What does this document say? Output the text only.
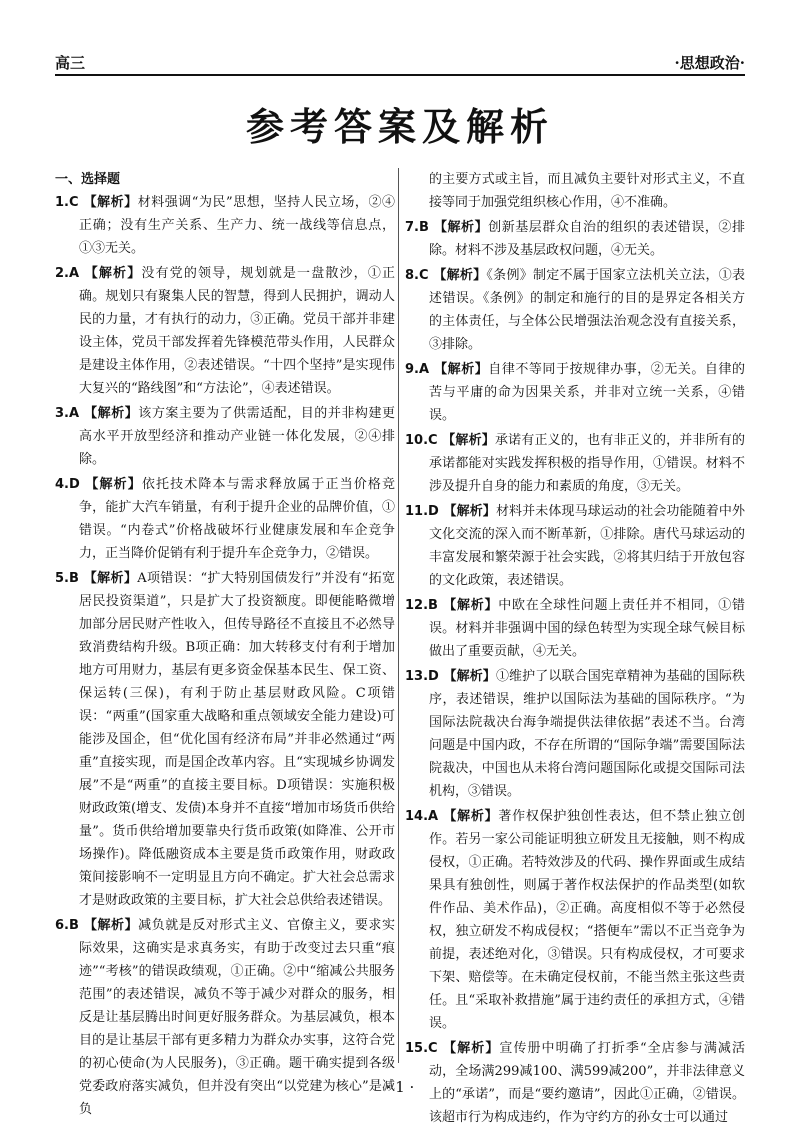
高三	·思想政治·
参考答案及解析
一、选择题
1.C 【解析】材料强调“为民”思想，坚持人民立场，②④正确；没有生产关系、生产力、统一战线等信息点，①③无关。
2.A 【解析】没有党的领导，规划就是一盘散沙，①正确。规划只有聚集人民的智慧，得到人民拥护，调动人民的力量，才有执行的动力，③正确。党员干部并非建设主体，党员干部发挥着先锋模范带头作用，人民群众是建设主体作用，②表述错误。“十四个坚持”是实现伟大复兴的“路线图”和“方法论”，④表述错误。
3.A 【解析】该方案主要为了供需适配，目的并非构建更高水平开放型经济和推动产业链一体化发展，②④排除。
4.D 【解析】依托技术降本与需求释放属于正当价格竞争，能扩大汽车销量，有利于提升企业的品牌价值，①错误。“内卷式”价格战破坏行业健康发展和车企竞争力，正当降价促销有利于提升车企竞争力，②错误。
5.B 【解析】A项错误：“扩大特别国债发行”并没有“拓宽居民投资渠道”，只是扩大了投资额度。即便能略微增加部分居民财产性收入，但传导路径不直接且不必然导致消费结构升级。B项正确：加大转移支付有利于增加地方可用财力，基层有更多资金保基本民生、保工资、保运转(三保)，有利于防止基层财政风险。C项错误：“两重”(国家重大战略和重点领域安全能力建设)可能涉及国企，但“优化国有经济布局”并非必然通过“两重”直接实现，而是国企改革内容。且“实现城乡协调发展”不是“两重”的直接主要目标。D项错误：实施积极财政政策(增支、发债)本身并不直接“增加市场货币供给量”。货币供给增加要靠央行货币政策(如降准、公开市场操作)。降低融资成本主要是货币政策作用，财政政策间接影响不一定明显且方向不确定。扩大社会总需求才是财政政策的主要目标，扩大社会总供给表述错误。
6.B 【解析】减负就是反对形式主义、官僚主义，要求实际效果，这确实是求真务实，有助于改变过去只重“痕迹”“考核”的错误政绩观，①正确。②中“缩减公共服务范围”的表述错误，减负不等于减少对群众的服务，相反是让基层腾出时间更好服务群众。为基层减负，根本目的是让基层干部有更多精力为群众办实事，这符合党的初心使命(为人民服务)，③正确。题干确实提到各级党委政府落实减负，但并没有突出“以党建为核心”是减负
的主要方式或主旨，而且减负主要针对形式主义，不直接等同于加强党组织核心作用，④不准确。
7.B 【解析】创新基层群众自治的组织的表述错误，②排除。材料不涉及基层政权问题，④无关。
8.C 【解析】《条例》制定不属于国家立法机关立法，①表述错误。《条例》的制定和施行的目的是界定各相关方的主体责任，与全体公民增强法治观念没有直接关系，③排除。
9.A 【解析】自律不等同于按规律办事，②无关。自律的苦与平庸的命为因果关系，并非对立统一关系，④错误。
10.C 【解析】承诺有正义的，也有非正义的，并非所有的承诺都能对实践发挥积极的指导作用，①错误。材料不涉及提升自身的能力和素质的角度，③无关。
11.D 【解析】材料并未体现马球运动的社会功能随着中外文化交流的深入而不断革新，①排除。唐代马球运动的丰富发展和繁荣源于社会实践，②将其归结于开放包容的文化政策，表述错误。
12.B 【解析】中欧在全球性问题上责任并不相同，①错误。材料并非强调中国的绿色转型为实现全球气候目标做出了重要贡献，④无关。
13.D 【解析】①维护了以联合国宪章精神为基础的国际秩序，表述错误，维护以国际法为基础的国际秩序。“为国际法院裁决台海争端提供法律依据”表述不当。台湾问题是中国内政，不存在所谓的“国际争端”需要国际法院裁决，中国也从未将台湾问题国际化或提交国际司法机构，③错误。
14.A 【解析】著作权保护独创性表达，但不禁止独立创作。若另一家公司能证明独立研发且无接触，则不构成侵权，①正确。若特效涉及的代码、操作界面或生成结果具有独创性，则属于著作权法保护的作品类型(如软件作品、美术作品)，②正确。高度相似不等于必然侵权，独立研发不构成侵权；“搭便车”需以不正当竞争为前提，表述绝对化，③错误。只有构成侵权，才可要求下架、赔偿等。在未确定侵权前，不能当然主张这些责任。且“采取补救措施”属于违约责任的承担方式，④错误。
15.C 【解析】宣传册中明确了打折季“全店参与满减活动，全场满299减100、满599减200”，并非法律意义上的“承诺”，而是“要约邀请”，因此①正确，②错误。该超市行为构成违约，作为守约方的孙女士可以通过
· 1 ·
